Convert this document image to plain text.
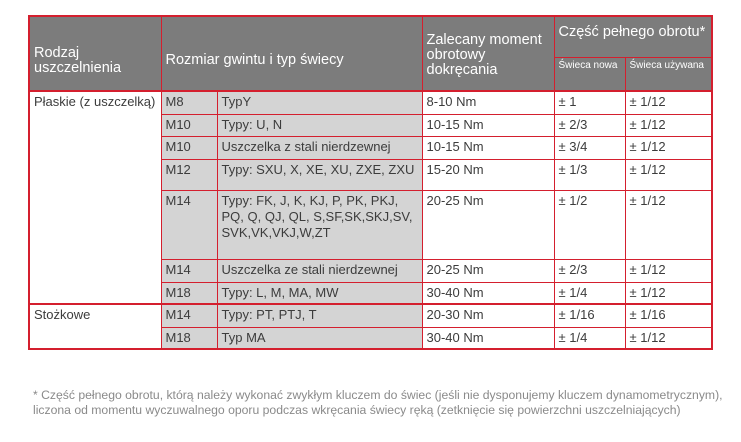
Rodzaj uszczelnienia	Rozmiar gwintu i typ świecy		Zalecany moment obrotowy dokręcania	Część pełnego obrotu*	
				Świeca nowa	Świeca używana
Płaskie (z uszczelką)	M8	TypY	8-10 Nm	± 1	± 1/12
	M10	Typy: U, N	10-15 Nm	± 2/3	± 1/12
	M10	Uszczelka z stali nierdzewnej	10-15 Nm	± 3/4	± 1/12
	M12	Typy: SXU, X, XE, XU, ZXE, ZXU	15-20 Nm	± 1/3	± 1/12
	M14	Typy: FK, J, K, KJ, P, PK, PKJ, PQ, Q, QJ, QL, S,SF,SK,SKJ,SV, SVK,VK,VKJ,W,ZT	20-25 Nm	± 1/2	± 1/12
	M14	Uszczelka ze stali nierdzewnej	20-25 Nm	± 2/3	± 1/12
	M18	Typy: L, M, MA, MW	30-40 Nm	± 1/4	± 1/12
Stożkowe	M14	Typy: PT, PTJ, T	20-30 Nm	± 1/16	± 1/16
	M18	Typ MA	30-40 Nm	± 1/4	± 1/12
* Część pełnego obrotu, którą należy wykonać zwykłym kluczem do świec (jeśli nie dysponujemy kluczem dynamometrycznym), liczona od momentu wyczuwalnego oporu podczas wkręcania świecy ręką (zetknięcie się powierzchni uszczelniających)
